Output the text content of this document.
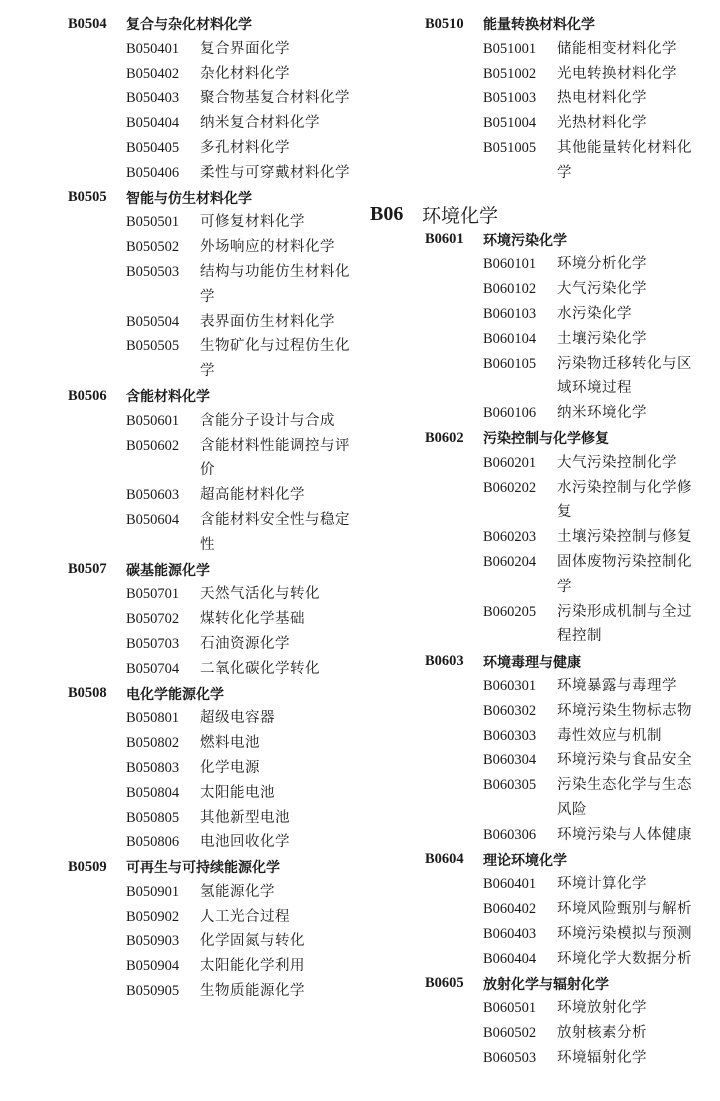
B0504	复合与杂化材料化学
B050401	复合界面化学
B050402	杂化材料化学
B050403	聚合物基复合材料化学
B050404	纳米复合材料化学
B050405	多孔材料化学
B050406	柔性与可穿戴材料化学
B0505	智能与仿生材料化学
B050501	可修复材料化学
B050502	外场响应的材料化学
B050503	结构与功能仿生材料化学
B050504	表界面仿生材料化学
B050505	生物矿化与过程仿生化学
B0506	含能材料化学
B050601	含能分子设计与合成
B050602	含能材料性能调控与评价
B050603	超高能材料化学
B050604	含能材料安全性与稳定性
B0507	碳基能源化学
B050701	天然气活化与转化
B050702	煤转化化学基础
B050703	石油资源化学
B050704	二氧化碳化学转化
B0508	电化学能源化学
B050801	超级电容器
B050802	燃料电池
B050803	化学电源
B050804	太阳能电池
B050805	其他新型电池
B050806	电池回收化学
B0509	可再生与可持续能源化学
B050901	氢能源化学
B050902	人工光合过程
B050903	化学固氮与转化
B050904	太阳能化学利用
B050905	生物质能源化学
B0510	能量转换材料化学
B051001	储能相变材料化学
B051002	光电转换材料化学
B051003	热电材料化学
B051004	光热材料化学
B051005	其他能量转化材料化学
B06 环境化学
B0601	环境污染化学
B060101	环境分析化学
B060102	大气污染化学
B060103	水污染化学
B060104	土壤污染化学
B060105	污染物迁移转化与区域环境过程
B060106	纳米环境化学
B0602	污染控制与化学修复
B060201	大气污染控制化学
B060202	水污染控制与化学修复
B060203	土壤污染控制与修复
B060204	固体废物污染控制化学
B060205	污染形成机制与全过程控制
B0603	环境毒理与健康
B060301	环境暴露与毒理学
B060302	环境污染生物标志物
B060303	毒性效应与机制
B060304	环境污染与食品安全
B060305	污染生态化学与生态风险
B060306	环境污染与人体健康
B0604	理论环境化学
B060401	环境计算化学
B060402	环境风险甄别与解析
B060403	环境污染模拟与预测
B060404	环境化学大数据分析
B0605	放射化学与辐射化学
B060501	环境放射化学
B060502	放射核素分析
B060503	环境辐射化学
